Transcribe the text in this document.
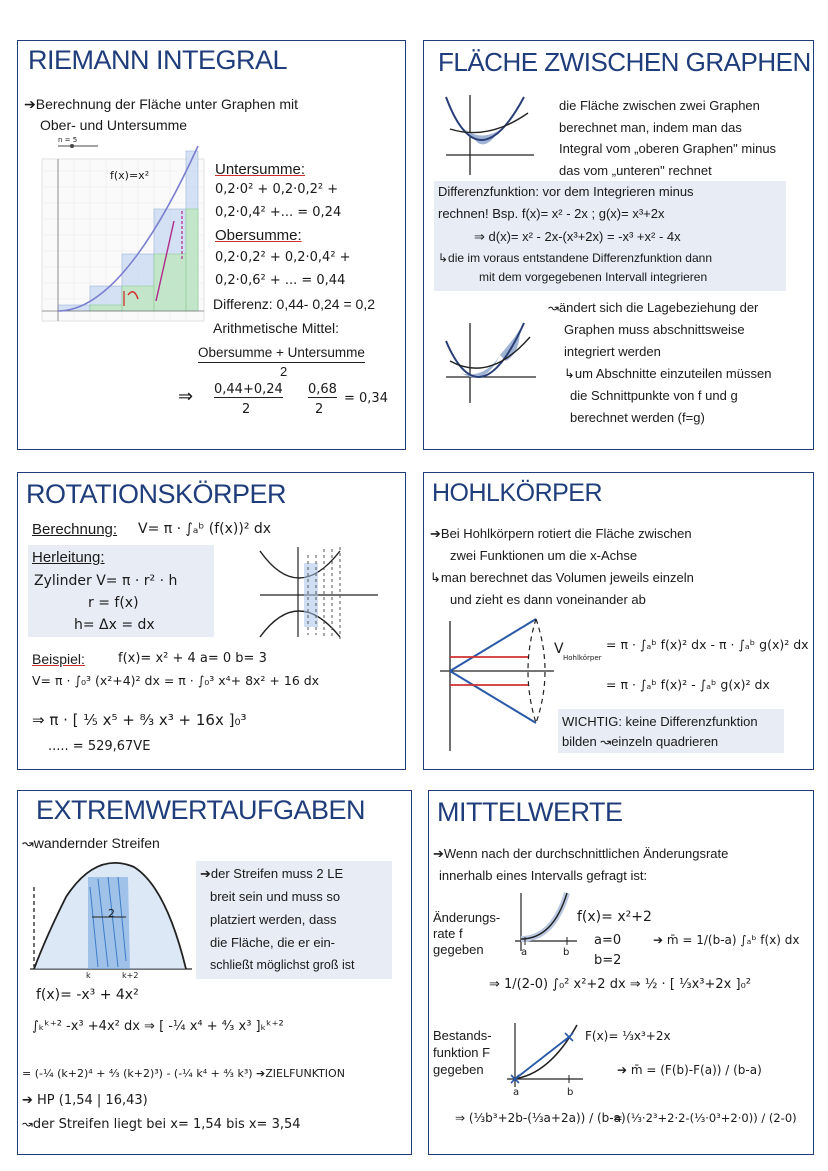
RIEMANN INTEGRAL
➔Berechnung der Fläche unter Graphen mit
Ober- und Untersumme
n = 5
f(x)=x²	Untersumme:
0,2·0² + 0,2·0,2² +
0,2·0,4² +... = 0,24
Obersumme:
0,2·0,2² + 0,2·0,4² +
0,2·0,6² + ... = 0,44
Differenz: 0,44- 0,24 = 0,2
Arithmetische Mittel:
Obersumme + Untersumme
2
⇒ 0,44+0,24
2
0,68
2
= 0,34
FLÄCHE ZWISCHEN GRAPHEN
die Fläche zwischen zwei Graphen
berechnet man, indem man das
Integral vom „oberen Graphen" minus
das vom „unteren" rechnet
Differenzfunktion: vor dem Integrieren minus
rechnen! Bsp. f(x)= x² - 2x ; g(x)= x³+2x
⇒ d(x)= x² - 2x-(x³+2x) = -x³ +x² - 4x
↳die im voraus entstandene Differenzfunktion dann
mit dem vorgegebenen Intervall integrieren
↝ändert sich die Lagebeziehung der
Graphen muss abschnittsweise
integriert werden
↳um Abschnitte einzuteilen müssen
die Schnittpunkte von f und g
berechnet werden (f=g)
ROTATIONSKÖRPER
Berechnung: V= π · ∫ₐᵇ (f(x))² dx
Herleitung:
Zylinder V= π · r² · h
r = f(x)
h= Δx = dx
Beispiel:	f(x)= x² + 4 a= 0 b= 3
V= π · ∫₀³ (x²+4)² dx = π · ∫₀³ x⁴+ 8x² + 16 dx
⇒ π · [ ⅕ x⁵ + ⁸⁄₃ x³ + 16x ]₀³
..... = 529,67VE
HOHLKÖRPER
➔Bei Hohlkörpern rotiert die Fläche zwischen
zwei Funktionen um die x-Achse
↳man berechnet das Volumen jeweils einzeln
und zieht es dann voneinander ab
V
Hohlkörper
= π · ∫ₐᵇ f(x)² dx - π · ∫ₐᵇ g(x)² dx
= π · ∫ₐᵇ f(x)² - ∫ₐᵇ g(x)² dx
WICHTIG: keine Differenzfunktion
bilden ↝einzeln quadrieren
EXTREMWERTAUFGABEN
↝wandernder Streifen
2
k	k+2
➔der Streifen muss 2 LE
breit sein und muss so
platziert werden, dass
die Fläche, die er ein-
schließt möglichst groß ist
f(x)= -x³ + 4x²
∫ₖᵏ⁺² -x³ +4x² dx ⇒ [ -¼ x⁴ + ⁴⁄₃ x³ ]ₖᵏ⁺²
= (-¼ (k+2)⁴ + ⁴⁄₃ (k+2)³) - (-¼ k⁴ + ⁴⁄₃ k³) ➔ZIELFUNKTION
➔ HP (1,54 | 16,43)
↝der Streifen liegt bei x= 1,54 bis x= 3,54
MITTELWERTE
➔Wenn nach der durchschnittlichen Änderungsrate
innerhalb eines Intervalls gefragt ist:
Änderungs-
rate f
gegeben	a	b
f(x)= x²+2
a=0
b=2
➔ m̄ = 1/(b-a) ∫ₐᵇ f(x) dx
⇒ 1/(2-0) ∫₀² x²+2 dx ⇒ ½ · [ ⅓x³+2x ]₀²
Bestands-
funktion F
gegeben
a	b
F(x)= ⅓x³+2x
➔ m̄ = (F(b)-F(a)) / (b-a)
⇒ (⅓b³+2b-(⅓a+2a)) / (b-a)
= (⅓·2³+2·2-(⅓·0³+2·0)) / (2-0)
